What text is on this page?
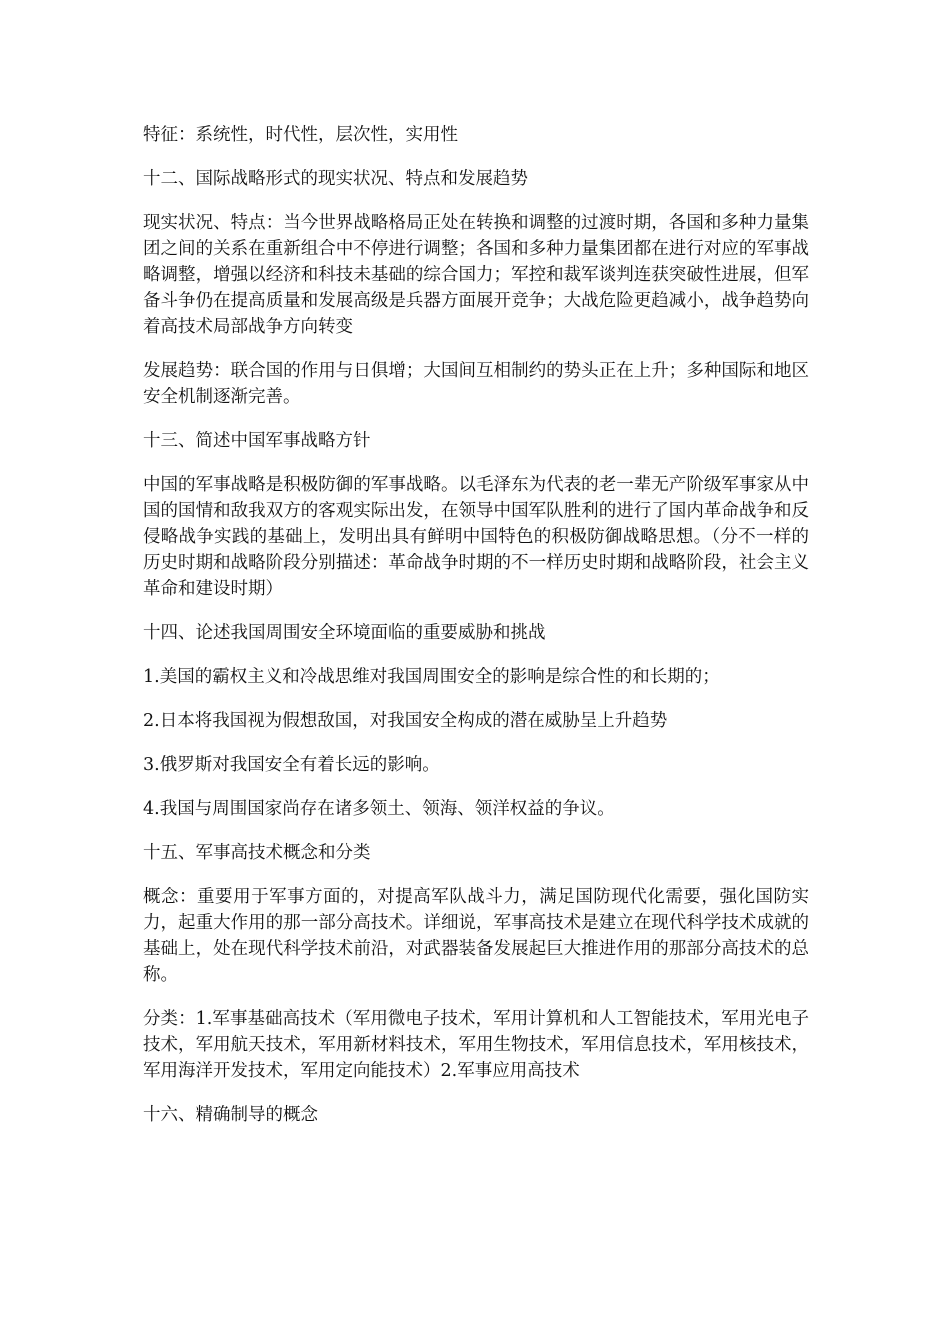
特征：系统性，时代性，层次性，实用性

十二、国际战略形式的现实状况、特点和发展趋势

现实状况、特点：当今世界战略格局正处在转换和调整的过渡时期，各国和多种力量集团之间的关系在重新组合中不停进行调整；各国和多种力量集团都在进行对应的军事战略调整，增强以经济和科技未基础的综合国力；军控和裁军谈判连获突破性进展，但军备斗争仍在提高质量和发展高级是兵器方面展开竞争；大战危险更趋减小，战争趋势向着高技术局部战争方向转变

发展趋势：联合国的作用与日俱增；大国间互相制约的势头正在上升；多种国际和地区安全机制逐渐完善。

十三、简述中国军事战略方针

中国的军事战略是积极防御的军事战略。以毛泽东为代表的老一辈无产阶级军事家从中国的国情和敌我双方的客观实际出发，在领导中国军队胜利的进行了国内革命战争和反侵略战争实践的基础上，发明出具有鲜明中国特色的积极防御战略思想。（分不一样的历史时期和战略阶段分别描述：革命战争时期的不一样历史时期和战略阶段，社会主义革命和建设时期）

十四、论述我国周围安全环境面临的重要威胁和挑战

1.美国的霸权主义和冷战思维对我国周围安全的影响是综合性的和长期的；

2.日本将我国视为假想敌国，对我国安全构成的潜在威胁呈上升趋势

3.俄罗斯对我国安全有着长远的影响。

4.我国与周围国家尚存在诸多领土、领海、领洋权益的争议。

十五、军事高技术概念和分类

概念：重要用于军事方面的，对提高军队战斗力，满足国防现代化需要，强化国防实力，起重大作用的那一部分高技术。详细说，军事高技术是建立在现代科学技术成就的基础上，处在现代科学技术前沿，对武器装备发展起巨大推进作用的那部分高技术的总称。

分类：1.军事基础高技术（军用微电子技术，军用计算机和人工智能技术，军用光电子技术，军用航天技术，军用新材料技术，军用生物技术，军用信息技术，军用核技术，军用海洋开发技术，军用定向能技术）2.军事应用高技术

十六、精确制导的概念
